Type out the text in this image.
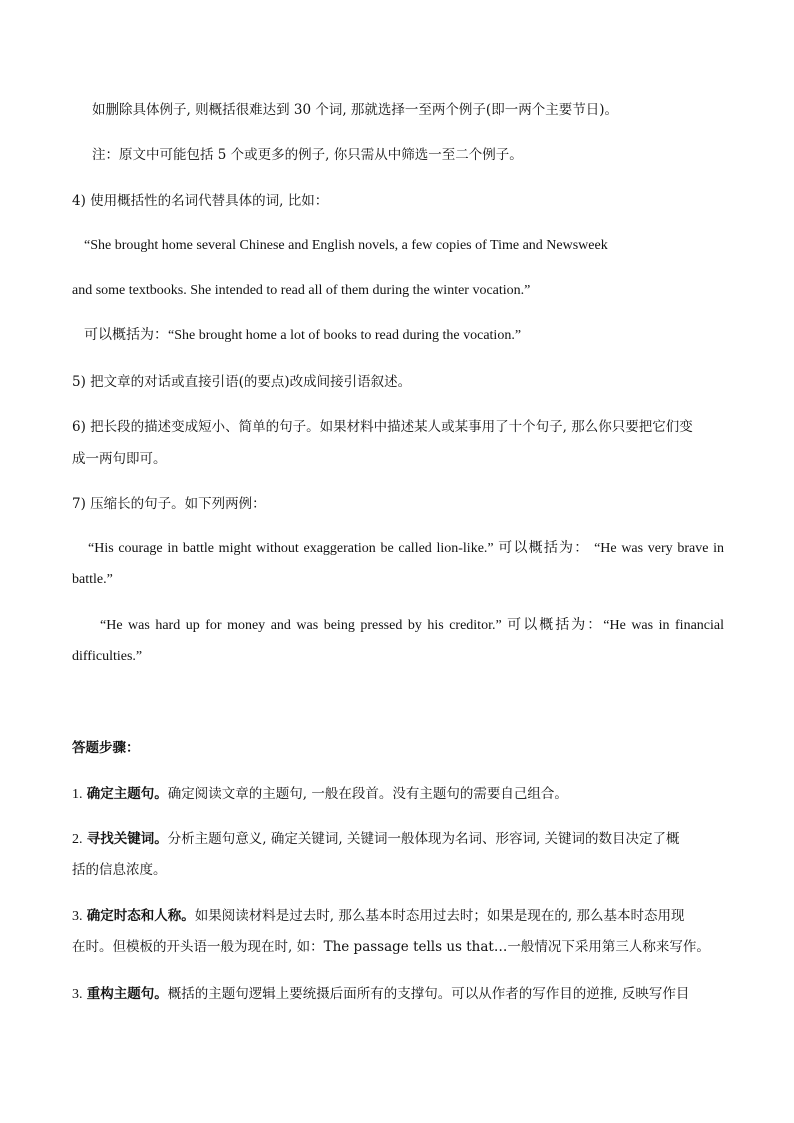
如删除具体例子, 则概括很难达到 30 个词, 那就选择一至两个例子(即一两个主要节日)。
注：原文中可能包括 5 个或更多的例子, 你只需从中筛选一至二个例子。
4) 使用概括性的名词代替具体的词, 比如：
“She brought home several Chinese and English novels, a few copies of Time and Newsweek
and some textbooks. She intended to read all of them during the winter vocation.”
可以概括为：“She brought home a lot of books to read during the vocation.”
5) 把文章的对话或直接引语(的要点)改成间接引语叙述。
6) 把长段的描述变成短小、简单的句子。如果材料中描述某人或某事用了十个句子, 那么你只要把它们变
成一两句即可。
7) 压缩长的句子。如下列两例：
“His courage in battle might without exaggeration be called lion-like.” 可以概括为： “He was very brave in
battle.”
“He was hard up for money and was being pressed by his creditor.” 可以概括为：“He was in financial
difficulties.”
答题步骤：
1. 确定主题句。确定阅读文章的主题句, 一般在段首。没有主题句的需要自己组合。
2. 寻找关键词。分析主题句意义, 确定关键词, 关键词一般体现为名词、形容词, 关键词的数目决定了概
括的信息浓度。
3. 确定时态和人称。如果阅读材料是过去时, 那么基本时态用过去时；如果是现在的, 那么基本时态用现
在时。但模板的开头语一般为现在时, 如：The passage tells us that…一般情况下采用第三人称来写作。
3. 重构主题句。概括的主题句逻辑上要统摄后面所有的支撑句。可以从作者的写作目的逆推, 反映写作目
